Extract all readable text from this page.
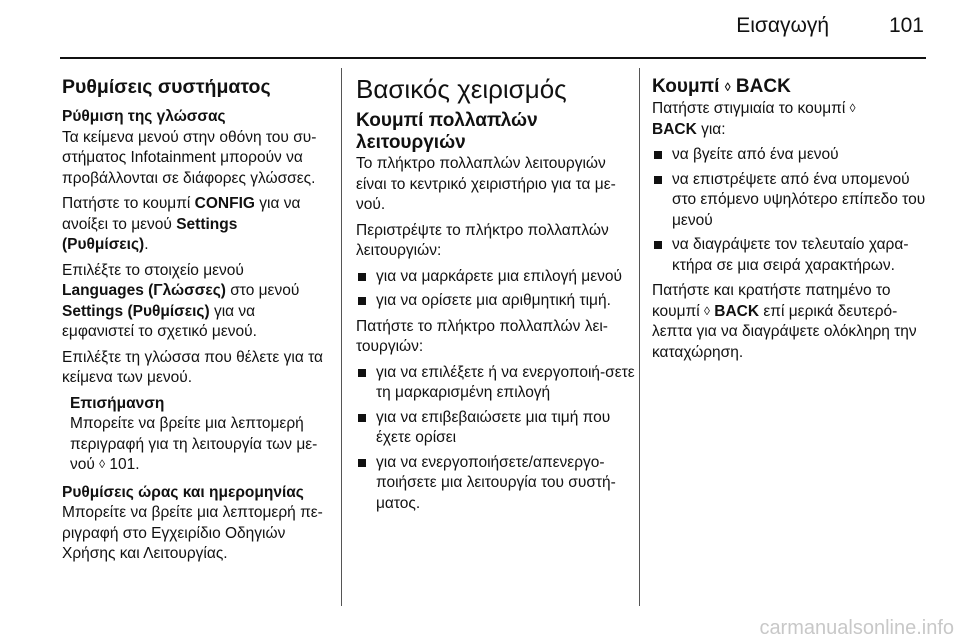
Εισαγωγή	101
Ρυθμίσεις συστήματος
Ρύθμιση της γλώσσας

Τα κείμενα μενού στην οθόνη του συ-στήματος Infotainment μπορούν να προβάλλονται σε διάφορες γλώσσες.

Πατήστε το κουμπί CONFIG για να ανοίξει το μενού Settings (Ρυθμίσεις).

Επιλέξτε το στοιχείο μενού Languages (Γλώσσες) στο μενού Settings (Ρυθμίσεις) για να εμφανιστεί το σχετικό μενού.

Επιλέξτε τη γλώσσα που θέλετε για τα κείμενα των μενού.

Επισήμανση
Μπορείτε να βρείτε μια λεπτομερή περιγραφή για τη λειτουργία των με-νού ◊ 101.
Ρυθμίσεις ώρας και ημερομηνίας

Μπορείτε να βρείτε μια λεπτομερή πε-ριγραφή στο Εγχειρίδιο Οδηγιών Χρήσης και Λειτουργίας.

Βασικός χειρισμός
Κουμπί πολλαπλών λειτουργιών

Το πλήκτρο πολλαπλών λειτουργιών είναι το κεντρικό χειριστήριο για τα με-νού.

Περιστρέψτε το πλήκτρο πολλαπλών λειτουργιών:

για να μαρκάρετε μια επιλογή μενού
για να ορίσετε μια αριθμητική τιμή.

Πατήστε το πλήκτρο πολλαπλών λει-τουργιών:

για να επιλέξετε ή να ενεργοποιή-σετε τη μαρκαρισμένη επιλογή
για να επιβεβαιώσετε μια τιμή που έχετε ορίσει
για να ενεργοποιήσετε/απενεργο-ποιήσετε μια λειτουργία του συστή-ματος.
Κουμπί ◊ BACK

Πατήστε στιγμιαία το κουμπί ◊
BACK για:

να βγείτε από ένα μενού
να επιστρέψετε από ένα υπομενού στο επόμενο υψηλότερο επίπεδο του μενού
να διαγράψετε τον τελευταίο χαρα-κτήρα σε μια σειρά χαρακτήρων.

Πατήστε και κρατήστε πατημένο το κουμπί ◊ BACK επί μερικά δευτερό-λεπτα για να διαγράψετε ολόκληρη την καταχώρηση.

carmanualsonline.info
